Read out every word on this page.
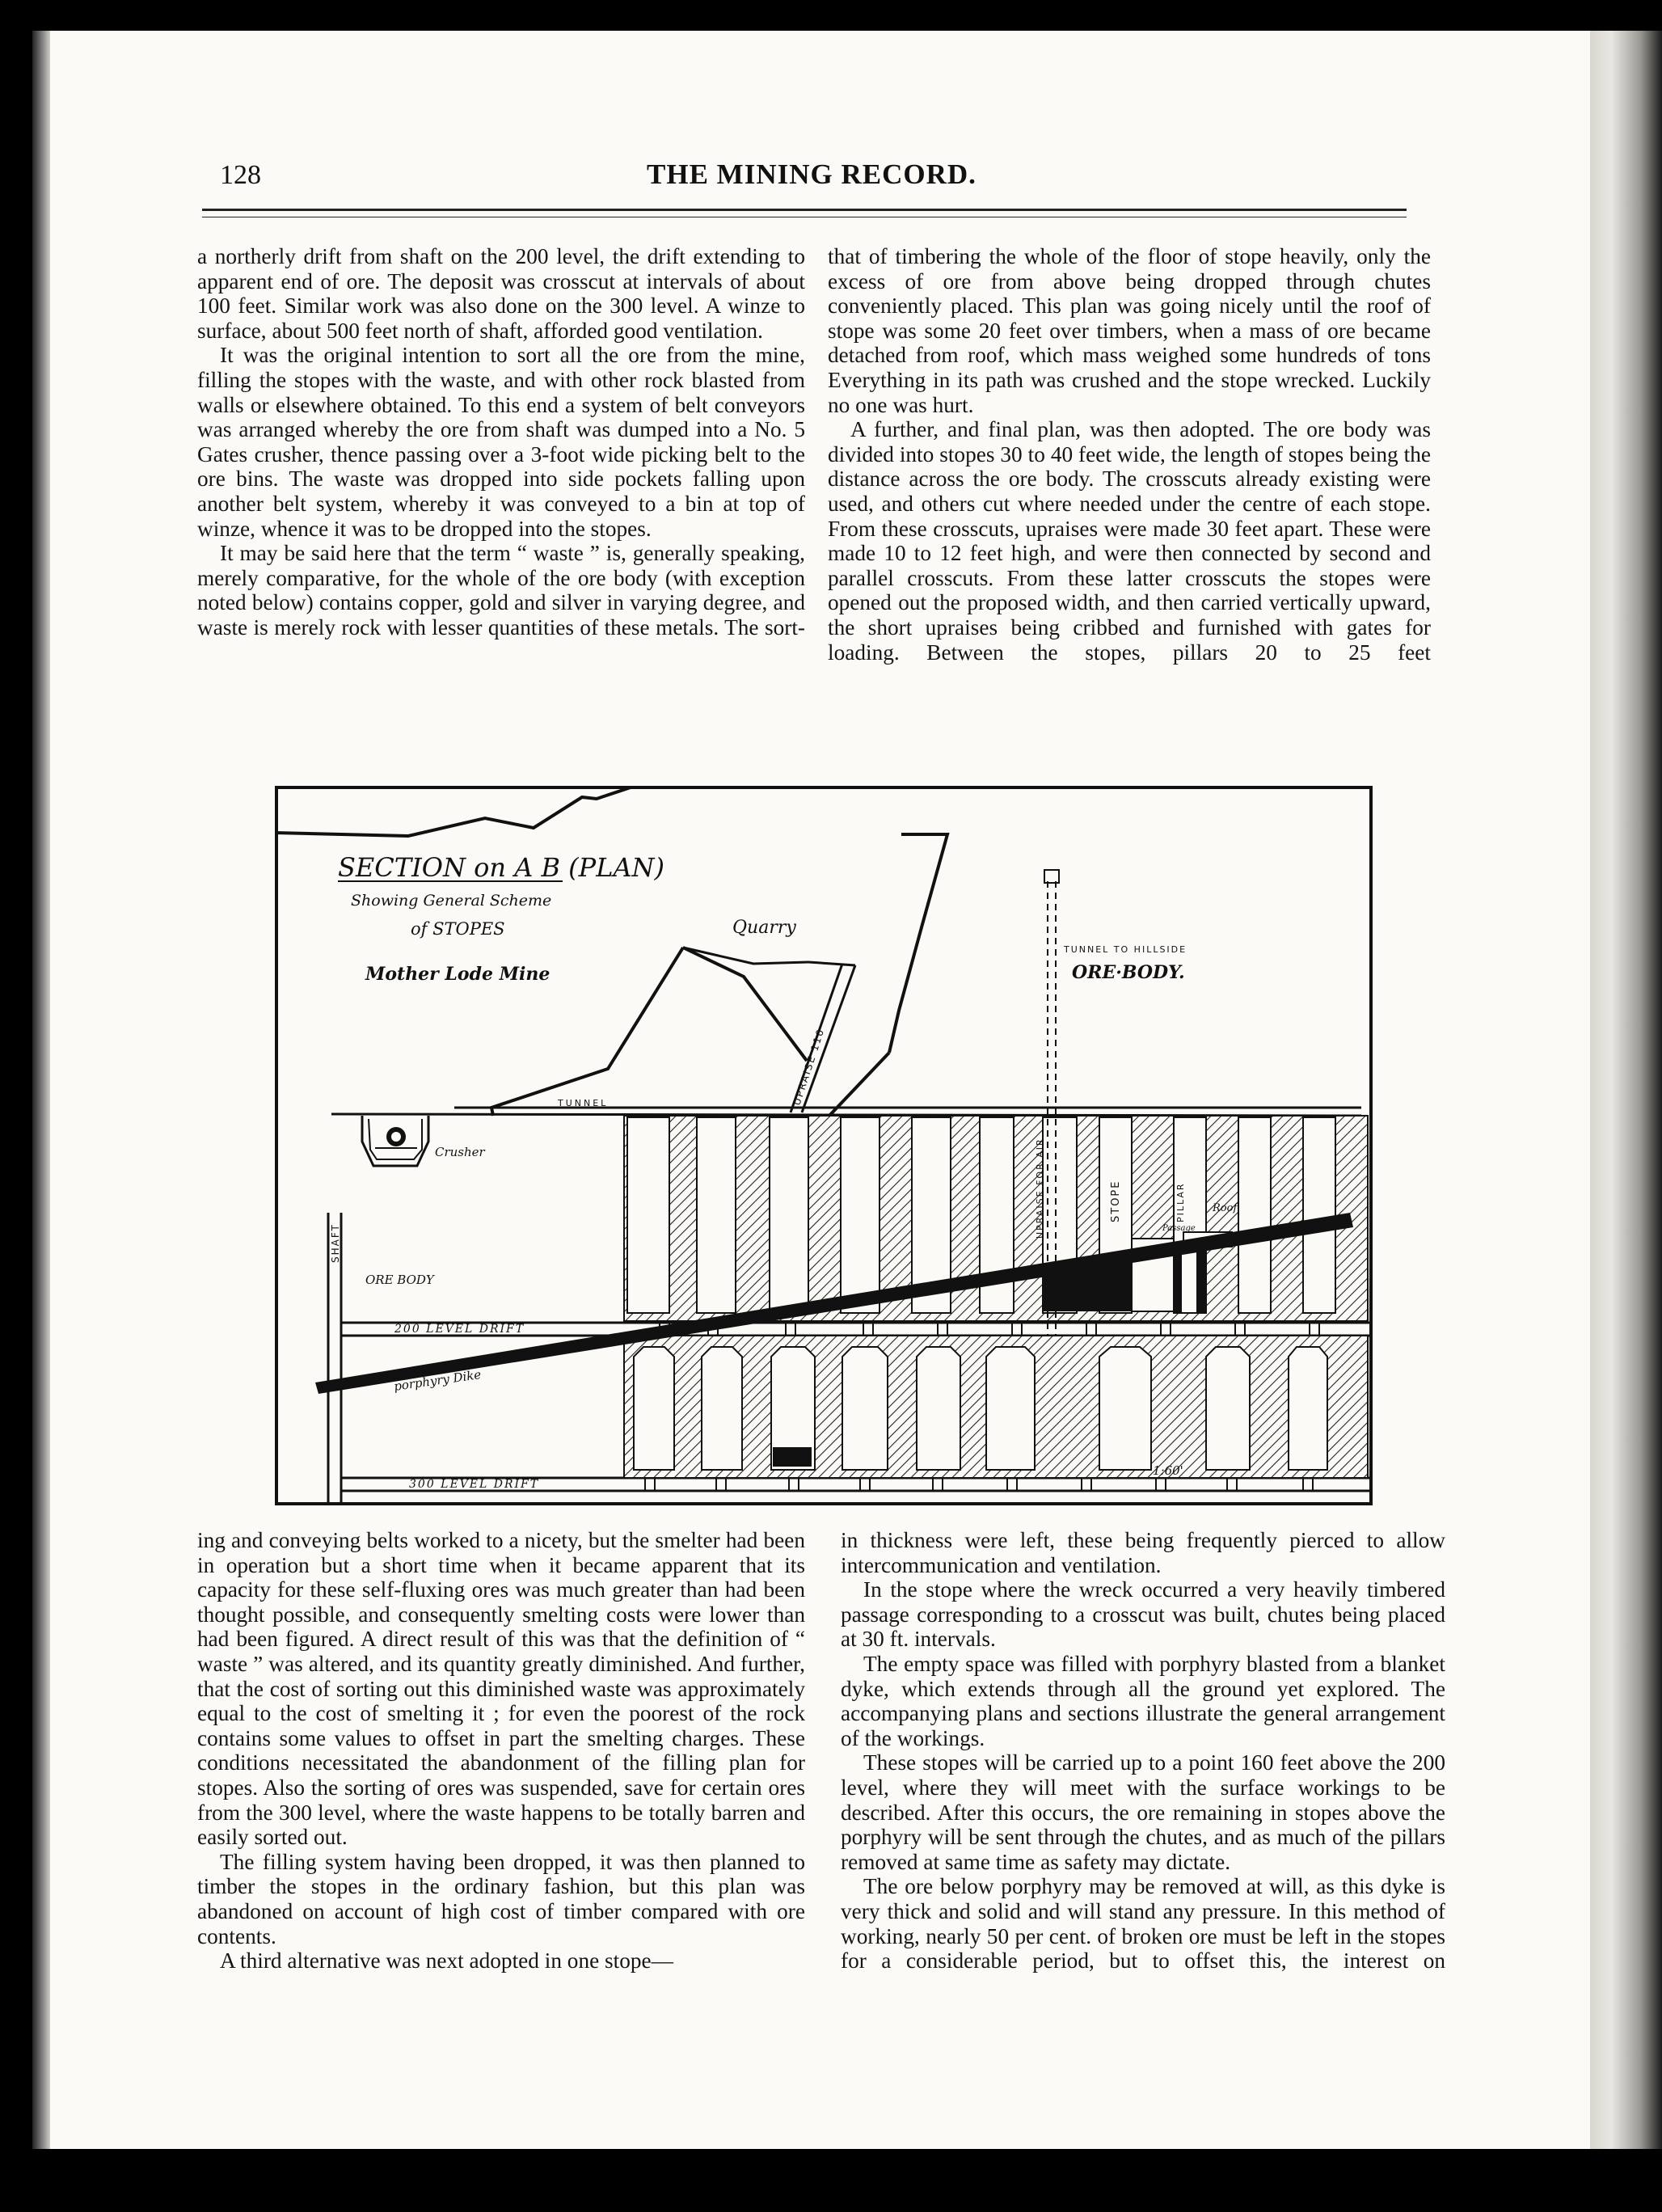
128	THE MINING RECORD.

a northerly drift from shaft on the 200 level, the drift extending to apparent end of ore. The deposit was crosscut at intervals of about 100 feet. Similar work was also done on the 300 level. A winze to surface, about 500 feet north of shaft, afforded good ventilation.

It was the original intention to sort all the ore from the mine, filling the stopes with the waste, and with other rock blasted from walls or elsewhere obtained. To this end a system of belt conveyors was arranged whereby the ore from shaft was dumped into a No. 5 Gates crusher, thence passing over a 3-foot wide picking belt to the ore bins. The waste was dropped into side pockets falling upon another belt system, whereby it was conveyed to a bin at top of winze, whence it was to be dropped into the stopes.

It may be said here that the term “ waste ” is, generally speaking, merely comparative, for the whole of the ore body (with exception noted below) contains copper, gold and silver in varying degree, and waste is merely rock with lesser quantities of these metals. The sort-

that of timbering the whole of the floor of stope heavily, only the excess of ore from above being dropped through chutes conveniently placed. This plan was going nicely until the roof of stope was some 20 feet over timbers, when a mass of ore became detached from roof, which mass weighed some hundreds of tons Everything in its path was crushed and the stope wrecked. Luckily no one was hurt.

A further, and final plan, was then adopted. The ore body was divided into stopes 30 to 40 feet wide, the length of stopes being the distance across the ore body. The crosscuts already existing were used, and others cut where needed under the centre of each stope. From these crosscuts, upraises were made 30 feet apart. These were made 10 to 12 feet high, and were then connected by second and parallel crosscuts. From these latter crosscuts the stopes were opened out the proposed width, and then carried vertically upward, the short upraises being cribbed and furnished with gates for loading. Between the stopes, pillars 20 to 25 feet

SECTION on A B (PLAN)
Showing General Scheme
of STOPES
Mother Lode Mine
Quarry
TUNNEL TO HILLSIDE
ORE·BODY.
UPRAISE 110
TUNNEL
Crusher
SHAFT
ORE BODY
200 LEVEL DRIFT
porphyry Dike
300 LEVEL DRIFT
UPRAISE FOR AIR	STOPE	PILLAR	Roof
Passage
1:60'

ing and conveying belts worked to a nicety, but the smelter had been in operation but a short time when it became apparent that its capacity for these self-fluxing ores was much greater than had been thought possible, and consequently smelting costs were lower than had been figured. A direct result of this was that the definition of “ waste ” was altered, and its quantity greatly diminished. And further, that the cost of sorting out this diminished waste was approximately equal to the cost of smelting it ; for even the poorest of the rock contains some values to offset in part the smelting charges. These conditions necessitated the abandonment of the filling plan for stopes. Also the sorting of ores was suspended, save for certain ores from the 300 level, where the waste happens to be totally barren and easily sorted out.

The filling system having been dropped, it was then planned to timber the stopes in the ordinary fashion, but this plan was abandoned on account of high cost of timber compared with ore contents.

A third alternative was next adopted in one stope—

in thickness were left, these being frequently pierced to allow intercommunication and ventilation.

In the stope where the wreck occurred a very heavily timbered passage corresponding to a crosscut was built, chutes being placed at 30 ft. intervals.

The empty space was filled with porphyry blasted from a blanket dyke, which extends through all the ground yet explored. The accompanying plans and sections illustrate the general arrangement of the workings.

These stopes will be carried up to a point 160 feet above the 200 level, where they will meet with the surface workings to be described. After this occurs, the ore remaining in stopes above the porphyry will be sent through the chutes, and as much of the pillars removed at same time as safety may dictate.

The ore below porphyry may be removed at will, as this dyke is very thick and solid and will stand any pressure. In this method of working, nearly 50 per cent. of broken ore must be left in the stopes for a considerable period, but to offset this, the interest on
